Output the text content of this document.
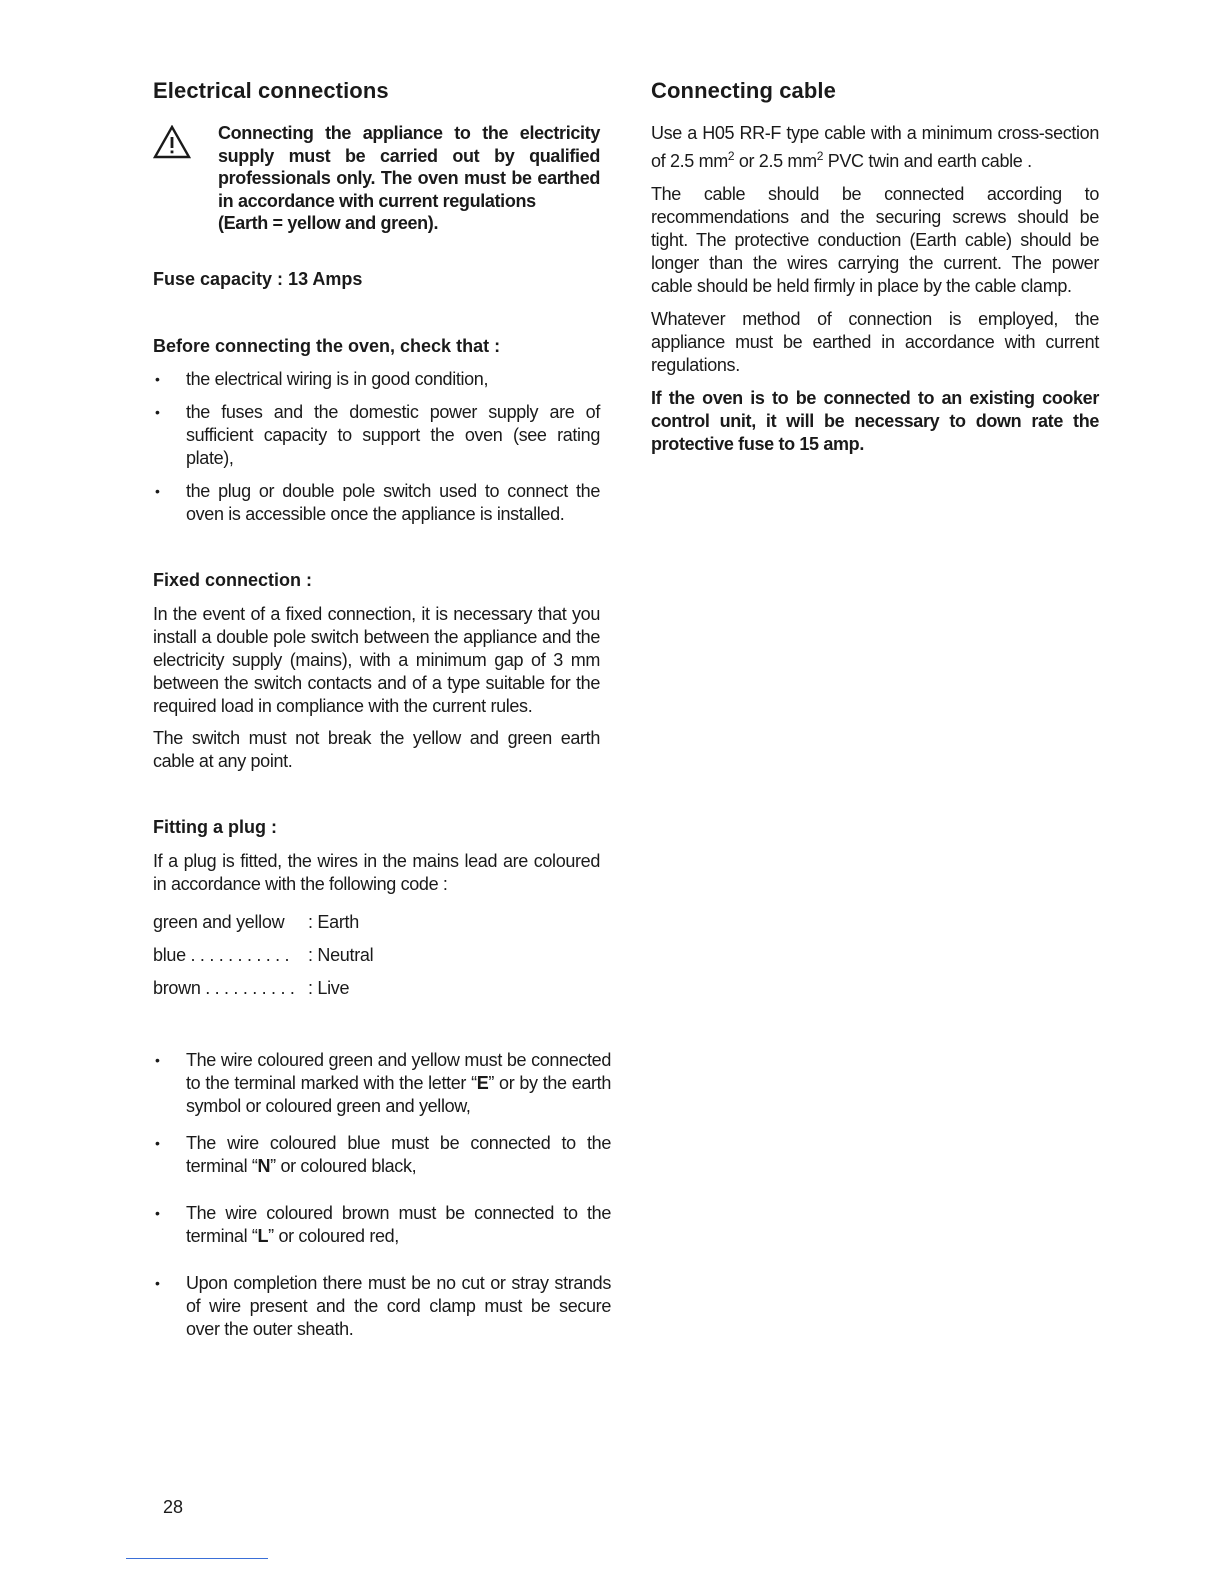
Electrical connections

Connecting the appliance to the electricity supply must be carried out by qualified professionals only. The oven must be earthed in accordance with current regulations

(Earth = yellow and green).

Fuse capacity : 13 Amps
Before connecting the oven, check that :
• the electrical wiring is in good condition,
• the fuses and the domestic power supply are of sufficient capacity to support the oven (see rating plate),
• the plug or double pole switch used to connect the oven is accessible once the appliance is installed.
Fixed connection :

In the event of a fixed connection, it is necessary that you install a double pole switch between the appliance and the electricity supply (mains), with a minimum gap of 3 mm between the switch contacts and of a type suitable for the required load in compliance with the current rules.

The switch must not break the yellow and green earth cable at any point.

Fitting a plug :

If a plug is fitted, the wires in the mains lead are coloured in accordance with the following code :

green and yellow	: Earth
blue . . . . . . . . . . .	: Neutral
brown . . . . . . . . . .	: Live
• The wire coloured green and yellow must be connected to the terminal marked with the letter “E” or by the earth symbol or coloured green and yellow,
• The wire coloured blue must be connected to the terminal “N” or coloured black,
• The wire coloured brown must be connected to the terminal “L” or coloured red,
• Upon completion there must be no cut or stray strands of wire present and the cord clamp must be secure over the outer sheath.
Connecting cable

Use a H05 RR-F type cable with a minimum cross-section of 2.5 $mm^2$ or 2.5 $mm^2$ PVC twin and earth cable .

The cable should be connected according to recommendations and the securing screws should be tight. The protective conduction (Earth cable) should be longer than the wires carrying the current. The power cable should be held firmly in place by the cable clamp.

Whatever method of connection is employed, the appliance must be earthed in accordance with current regulations.

If the oven is to be connected to an existing cooker control unit, it will be necessary to down rate the protective fuse to 15 amp.

28
